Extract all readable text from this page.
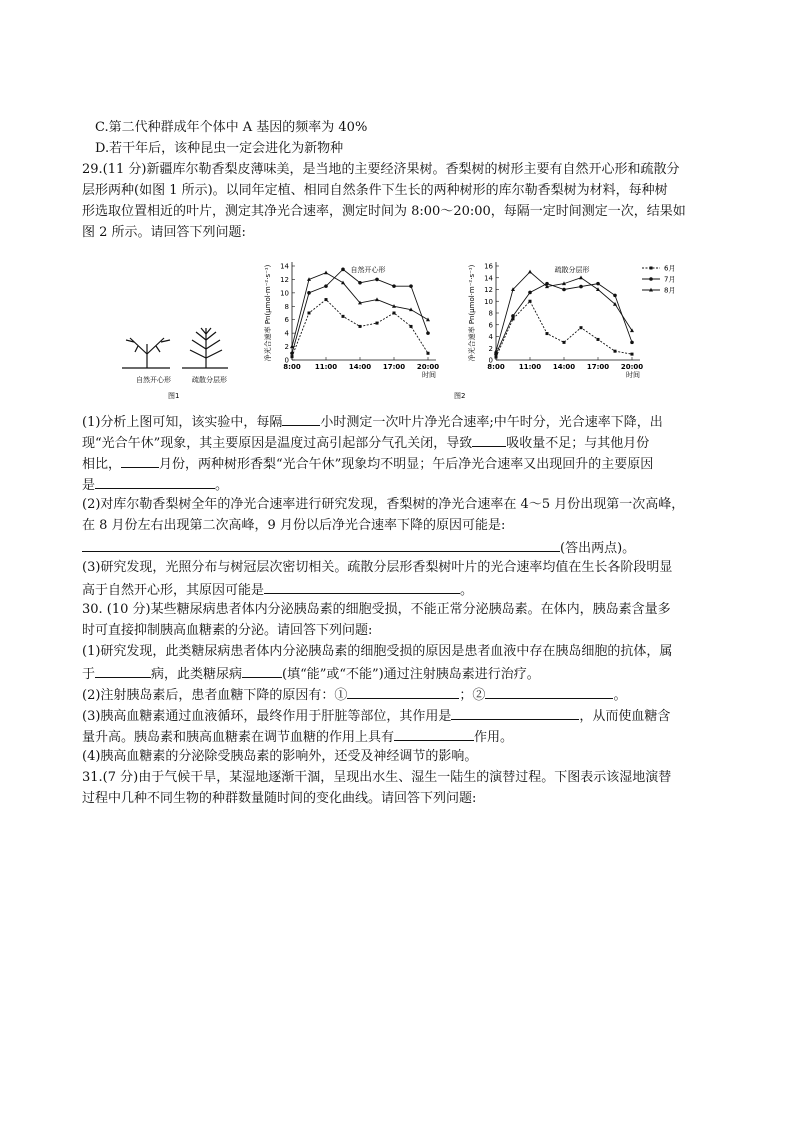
C.第二代种群成年个体中 A 基因的频率为 40%
D.若干年后，该种昆虫一定会进化为新物种
29.(11 分)新疆库尔勒香梨皮薄味美，是当地的主要经济果树。香梨树的树形主要有自然开心形和疏散分
层形两种(如图 1 所示)。以同年定植、相同自然条件下生长的两种树形的库尔勒香梨树为材料，每种树
形选取位置相近的叶片，测定其净光合速率，测定时间为 8:00～20:00，每隔一定时间测定一次，结果如
图 2 所示。请回答下列问题:
自然开心形	疏散分层形
图1
0
2
4
6
8
10
12
14
8:00 11:00 14:00 17:00 20:00
时间
净光合速率 Pn(μmol·m⁻²·s⁻¹)	自然开心形
0
2
4
6
8
10
12
14
16
8:00 11:00 14:00 17:00 20:00
时间
净光合速率 Pn(μmol·m⁻²·s⁻¹)	疏散分层形	6月
7月
8月
图2
(1)分析上图可知，该实验中，每隔	小时测定一次叶片净光合速率;中午时分，光合速率下降，出
现“光合午休”现象，其主要原因是温度过高引起部分气孔关闭，导致	吸收量不足；与其他月份
相比，	月份，两种树形香梨“光合午休”现象均不明显；午后净光合速率又出现回升的主要原因
是	。
(2)对库尔勒香梨树全年的净光合速率进行研究发现，香梨树的净光合速率在 4～5 月份出现第一次高峰，
在 8 月份左右出现第二次高峰，9 月份以后净光合速率下降的原因可能是:
(答出两点)。
(3)研究发现，光照分布与树冠层次密切相关。疏散分层形香梨树叶片的光合速率均值在生长各阶段明显
高于自然开心形，其原因可能是	。
30. (10 分)某些糖尿病患者体内分泌胰岛素的细胞受损，不能正常分泌胰岛素。在体内，胰岛素含量多
时可直接抑制胰高血糖素的分泌。请回答下列问题:
(1)研究发现，此类糖尿病患者体内分泌胰岛素的细胞受损的原因是患者血液中存在胰岛细胞的抗体，属
于	病，此类糖尿病	(填“能”或“不能”)通过注射胰岛素进行治疗。
(2)注射胰岛素后，患者血糖下降的原因有：①	；②	。
(3)胰高血糖素通过血液循环，最终作用于肝脏等部位，其作用是	，从而使血糖含
量升高。胰岛素和胰高血糖素在调节血糖的作用上具有	作用。
(4)胰高血糖素的分泌除受胰岛素的影响外，还受及神经调节的影响。
31.(7 分)由于气候干旱，某湿地逐渐干涸，呈现出水生、湿生一陆生的演替过程。下图表示该湿地演替
过程中几种不同生物的种群数量随时间的变化曲线。请回答下列问题:
